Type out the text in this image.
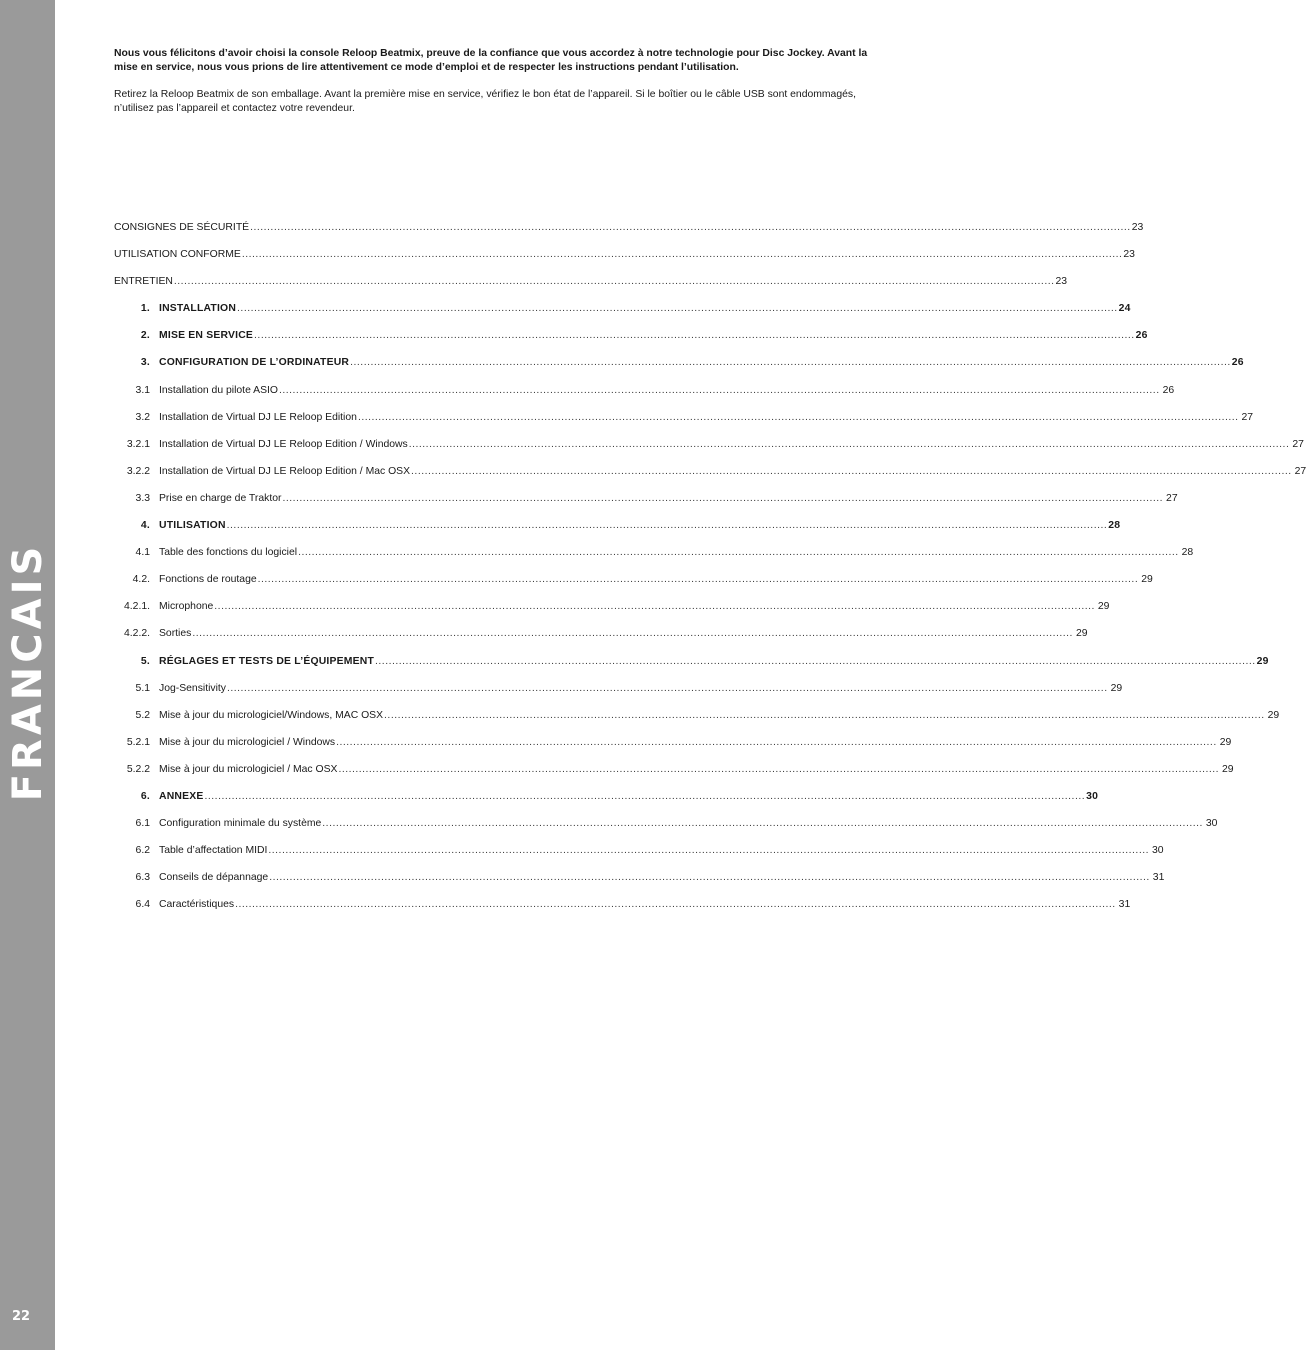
FRANCAIS
22

Nous vous félicitons d’avoir choisi la console Reloop Beatmix, preuve de la confiance que vous accordez à notre technologie pour Disc Jockey. Avant la mise en service, nous vous prions de lire attentivement ce mode d’emploi et de respecter les instructions pendant l’utilisation.

Retirez la Reloop Beatmix de son emballage. Avant la première mise en service, vérifiez le bon état de l’appareil. Si le boîtier ou le câble USB sont endommagés, n’utilisez pas l’appareil et contactez votre revendeur.

CONSIGNES DE SÉCURITÉ .................................................................................................................................................................................................................................................................... 23
UTILISATION CONFORME .................................................................................................................................................................................................................................................................... 23
ENTRETIEN .................................................................................................................................................................................................................................................................... 23
1. INSTALLATION .................................................................................................................................................................................................................................................................... 24
2. MISE EN SERVICE .................................................................................................................................................................................................................................................................... 26
3. CONFIGURATION DE L’ORDINATEUR .................................................................................................................................................................................................................................................................... 26
3.1 Installation du pilote ASIO .................................................................................................................................................................................................................................................................... 26
3.2 Installation de Virtual DJ LE Reloop Edition .................................................................................................................................................................................................................................................................... 27
3.2.1 Installation de Virtual DJ LE Reloop Edition / Windows .................................................................................................................................................................................................................................................................... 27
3.2.2 Installation de Virtual DJ LE Reloop Edition / Mac OSX .................................................................................................................................................................................................................................................................... 27
3.3 Prise en charge de Traktor .................................................................................................................................................................................................................................................................... 27
4. UTILISATION .................................................................................................................................................................................................................................................................... 28
4.1 Table des fonctions du logiciel .................................................................................................................................................................................................................................................................... 28
4.2. Fonctions de routage .................................................................................................................................................................................................................................................................... 29
4.2.1. Microphone .................................................................................................................................................................................................................................................................... 29
4.2.2. Sorties .................................................................................................................................................................................................................................................................... 29
5. RÉGLAGES ET TESTS DE L’ÉQUIPEMENT .................................................................................................................................................................................................................................................................... 29
5.1 Jog-Sensitivity .................................................................................................................................................................................................................................................................... 29
5.2 Mise à jour du micrologiciel/Windows, MAC OSX .................................................................................................................................................................................................................................................................... 29
5.2.1 Mise à jour du micrologiciel / Windows .................................................................................................................................................................................................................................................................... 29
5.2.2 Mise à jour du micrologiciel / Mac OSX .................................................................................................................................................................................................................................................................... 29
6. ANNEXE .................................................................................................................................................................................................................................................................... 30
6.1 Configuration minimale du système .................................................................................................................................................................................................................................................................... 30
6.2 Table d’affectation MIDI .................................................................................................................................................................................................................................................................... 30
6.3 Conseils de dépannage .................................................................................................................................................................................................................................................................... 31
6.4 Caractéristiques .................................................................................................................................................................................................................................................................... 31
